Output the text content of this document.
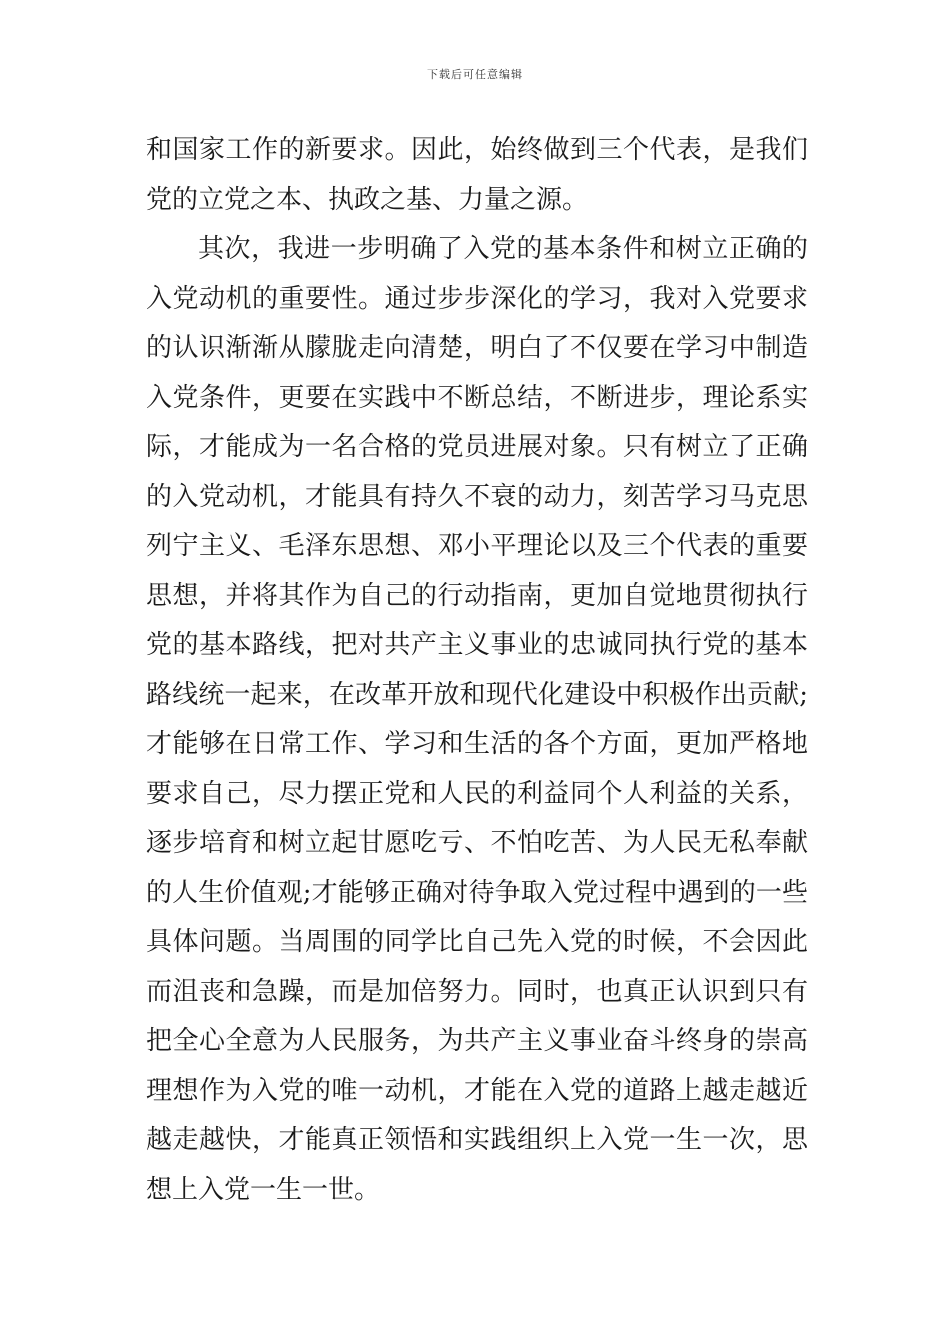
下载后可任意编辑
和国家工作的新要求。因此，始终做到三个代表，是我们
党的立党之本、执政之基、力量之源。
其次，我进一步明确了入党的基本条件和树立正确的
入党动机的重要性。通过步步深化的学习，我对入党要求
的认识渐渐从朦胧走向清楚，明白了不仅要在学习中制造
入党条件，更要在实践中不断总结，不断进步，理论系实
际，才能成为一名合格的党员进展对象。只有树立了正确
的入党动机，才能具有持久不衰的动力，刻苦学习马克思
列宁主义、毛泽东思想、邓小平理论以及三个代表的重要
思想，并将其作为自己的行动指南，更加自觉地贯彻执行
党的基本路线，把对共产主义事业的忠诚同执行党的基本
路线统一起来，在改革开放和现代化建设中积极作出贡献;
才能够在日常工作、学习和生活的各个方面，更加严格地
要求自己，尽力摆正党和人民的利益同个人利益的关系，
逐步培育和树立起甘愿吃亏、不怕吃苦、为人民无私奉献
的人生价值观;才能够正确对待争取入党过程中遇到的一些
具体问题。当周围的同学比自己先入党的时候，不会因此
而沮丧和急躁，而是加倍努力。同时，也真正认识到只有
把全心全意为人民服务，为共产主义事业奋斗终身的崇高
理想作为入党的唯一动机，才能在入党的道路上越走越近
越走越快，才能真正领悟和实践组织上入党一生一次，思
想上入党一生一世。
